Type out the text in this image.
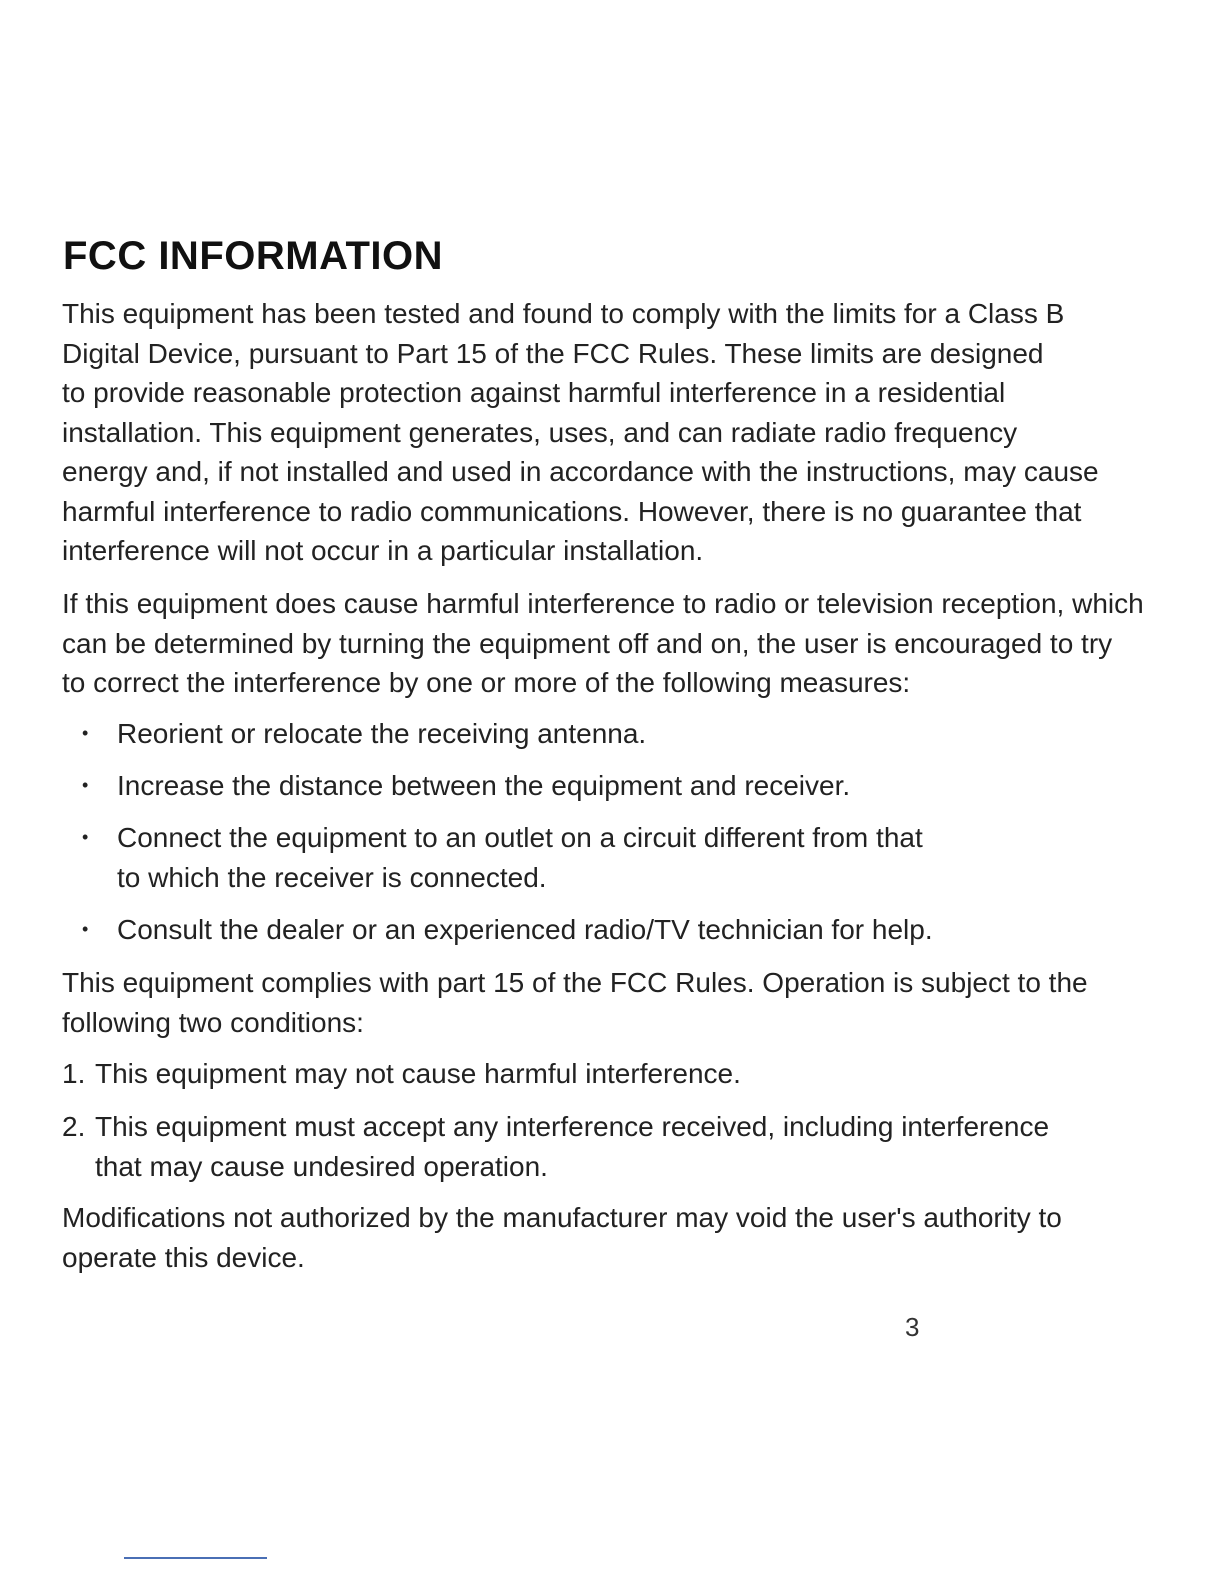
FCC INFORMATION

This equipment has been tested and found to comply with the limits for a Class B
Digital Device, pursuant to Part 15 of the FCC Rules. These limits are designed
to provide reasonable protection against harmful interference in a residential
installation. This equipment generates, uses, and can radiate radio frequency
energy and, if not installed and used in accordance with the instructions, may cause
harmful interference to radio communications. However, there is no guarantee that
interference will not occur in a particular installation.

If this equipment does cause harmful interference to radio or television reception, which
can be determined by turning the equipment off and on, the user is encouraged to try
to correct the interference by one or more of the following measures:

•	Reorient or relocate the receiving antenna.
•	Increase the distance between the equipment and receiver.
•	Connect the equipment to an outlet on a circuit different from that
to which the receiver is connected.
•	Consult the dealer or an experienced radio/TV technician for help.

This equipment complies with part 15 of the FCC Rules. Operation is subject to the
following two conditions:

1. This equipment may not cause harmful interference.
2. This equipment must accept any interference received, including interference
that may cause undesired operation.

Modifications not authorized by the manufacturer may void the user's authority to
operate this device.

3
